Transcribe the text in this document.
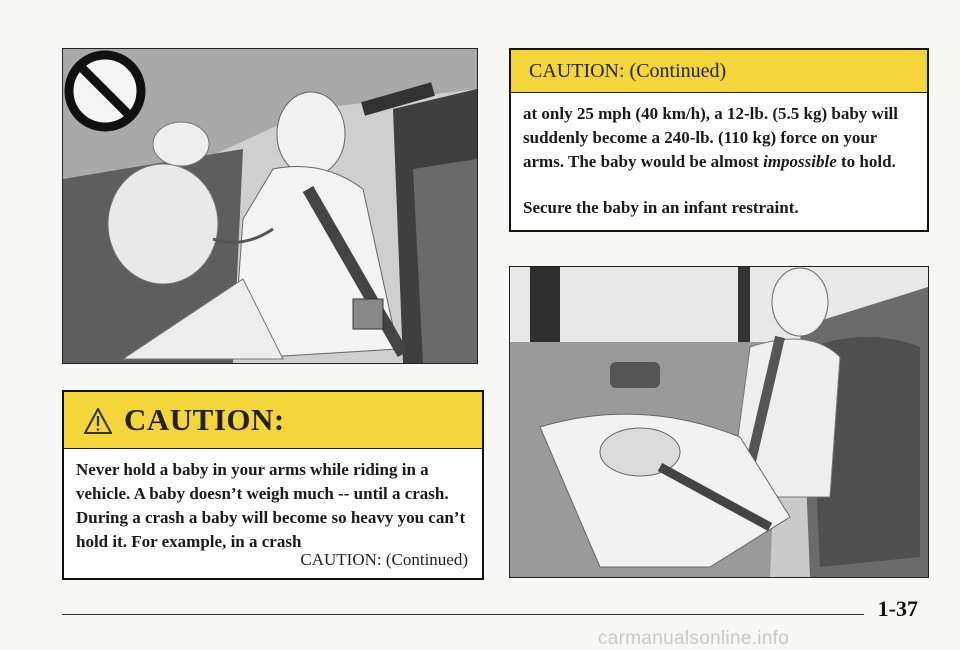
CAUTION:
Never hold a baby in your arms while riding in a vehicle. A baby doesn’t weigh much -- until a crash. During a crash a baby will become so heavy you can’t hold it. For example, in a crash
CAUTION: (Continued)
CAUTION: (Continued)
at only 25 mph (40 km/h), a 12-lb. (5.5 kg) baby will suddenly become a 240-lb. (110 kg) force on your arms. The baby would be almost impossible to hold.
Secure the baby in an infant restraint.
1-37
carmanualsonline.info
